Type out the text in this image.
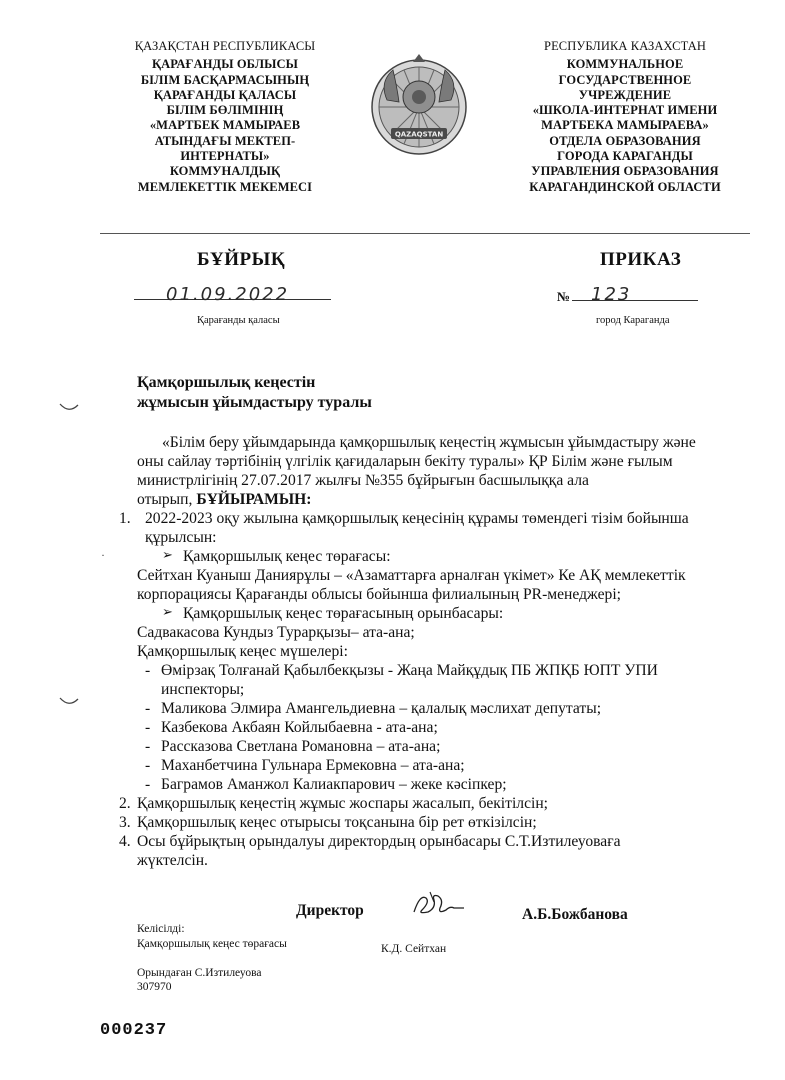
ҚАЗАҚСТАН РЕСПУБЛИКАСЫ
ҚАРАҒАНДЫ ОБЛЫСЫ
БІЛІМ БАСҚАРМАСЫНЫҢ
ҚАРАҒАНДЫ ҚАЛАСЫ
БІЛІМ БӨЛІМІНІҢ
«МАРТБЕК МАМЫРАЕВ
АТЫНДАҒЫ МЕКТЕП-
ИНТЕРНАТЫ»
КОММУНАЛДЫҚ
МЕМЛЕКЕТТІК МЕКЕМЕСІ
QAZAQSTAN
РЕСПУБЛИКА КАЗАХСТАН
КОММУНАЛЬНОЕ
ГОСУДАРСТВЕННОЕ
УЧРЕЖДЕНИЕ
«ШКОЛА-ИНТЕРНАТ ИМЕНИ
МАРТБЕКА МАМЫРАЕВА»
ОТДЕЛА ОБРАЗОВАНИЯ
ГОРОДА КАРАГАНДЫ
УПРАВЛЕНИЯ ОБРАЗОВАНИЯ
КАРАГАНДИНСКОЙ ОБЛАСТИ
БҰЙРЫҚ	ПРИКАЗ
01.09.2022
Қарағанды қаласы
№ 123
город Караганда
Қамқоршылық кеңестін
жұмысын ұйымдастыру туралы
«Білім беру ұйымдарында қамқоршылық кеңестің жұмысын ұйымдастыру және
оны сайлау тәртібінің үлгілік қағидаларын бекіту туралы» ҚР Білім және ғылым
министрлігінің 27.07.2017 жылғы №355 бұйрығын басшылыққа ала
отырып, БҰЙЫРАМЫН:
1. 2022-2023 оқу жылына қамқоршылық кеңесінің құрамы төмендегі тізім бойынша
құрылсын:
·	➢ Қамқоршылық кеңес төрағасы:
Сейтхан Куаныш Даниярұлы – «Азаматтарға арналған үкімет» Ке АҚ мемлекеттік
корпорациясы Қарағанды облысы бойынша филиалының PR-менеджері;
➢ Қамқоршылық кеңес төрағасының орынбасары:
Садвакасова Кундыз Турарқызы– ата-ана;
Қамқоршылық кеңес мүшелері:
- Өмірзақ Толғанай Қабылбекқызы - Жаңа Майқұдық ПБ ЖПҚБ ЮПТ УПИ
инспекторы;
- Маликова Элмира Амангельдиевна – қалалық мәслихат депутаты;
- Казбекова Акбаян Койлыбаевна - ата-ана;
- Рассказова Светлана Романовна – ата-ана;
- Маханбетчина Гульнара Ермековна – ата-ана;
- Баграмов Аманжол Калиакпарович – жеке кәсіпкер;
2. Қамқоршылық кеңестің жұмыс жоспары жасалып, бекітілсін;
3. Қамқоршылық кеңес отырысы тоқсанына бір рет өткізілсін;
4. Осы бұйрықтың орындалуы директордың орынбасары С.Т.Изтилеуоваға
жүктелсін.
Директор	А.Б.Божбанова
Келісілді:
Қамқоршылық кеңес төрағасы	К.Д. Сейтхан
Орындаған С.Изтилеуова
307970
000237
